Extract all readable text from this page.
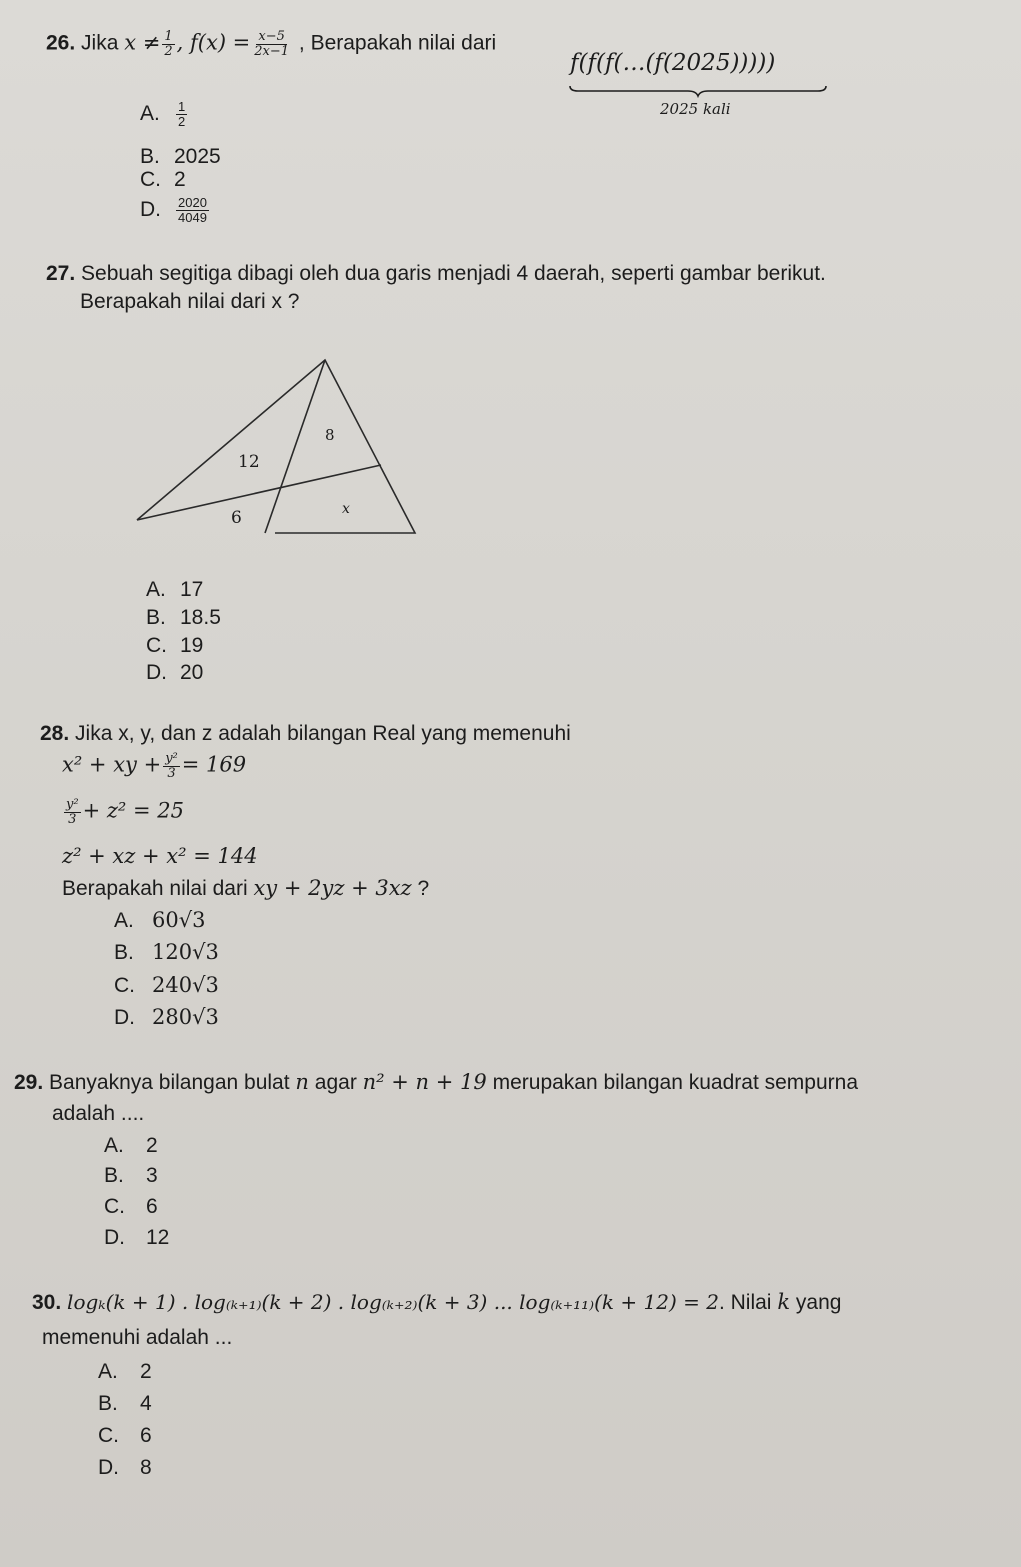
26. Jika $x \ne \frac{1}{2}$ , $f(x) = \frac{x-5}{2x-1}$ , Berapakah nilai dari
f(f(f(…(f(2025)))))
2025 kali
A. $\frac{1}{2}$
B. 2025
C. 2
D. $\frac{2020}{4049}$
27. Sebuah segitiga dibagi oleh dua garis menjadi 4 daerah, seperti gambar berikut.
Berapakah nilai dari x ?
8
12
6	x
A. 17
B. 18.5
C. 19
D. 20
28. Jika x, y, dan z adalah bilangan Real yang memenuhi
x² + xy + $\frac{\text{y²}}{3} = 169$
$\frac{\text{y²}}{3} + z^2 = 25$
z² + xz + x² = 144
Berapakah nilai dari xy + 2yz + 3xz ?
A. 60√3
B. 120√3
C. 240√3
D. 280√3
29. Banyaknya bilangan bulat n agar n² + n + 19 merupakan bilangan kuadrat sempurna
adalah ....
A. 2
B. 3
C. 6
D. 12
30. logₖ(k + 1) . log₍ₖ₊₁₎(k + 2) . log₍ₖ₊₂₎(k + 3) ... log₍ₖ₊₁₁₎(k + 12) = 2. Nilai k yang
memenuhi adalah ...
A. 2
B. 4
C. 6
D. 8
